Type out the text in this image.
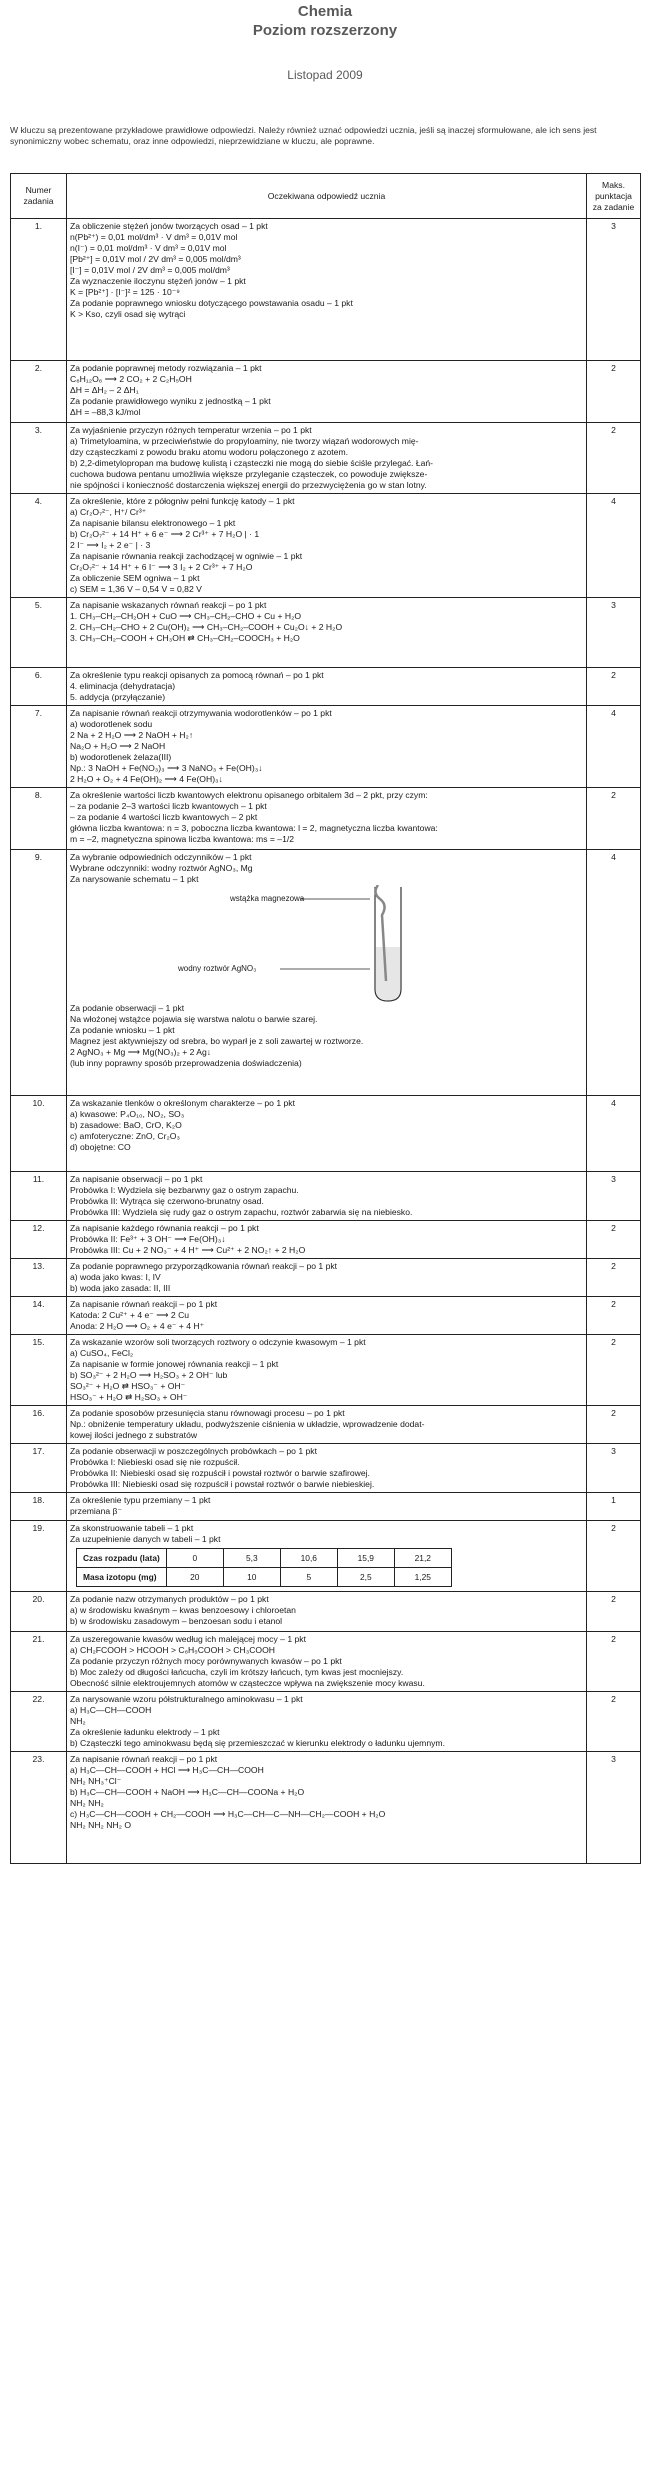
Chemia
Poziom rozszerzony
Listopad 2009
W kluczu są prezentowane przykładowe prawidłowe odpowiedzi. Należy również uznać odpowiedzi ucznia, jeśli są inaczej sformułowane, ale ich sens jest synonimiczny wobec schematu, oraz inne odpowiedzi, nieprzewidziane w kluczu, ale poprawne.
Numer zadania	Oczekiwana odpowiedź ucznia	Maks. punktacja za zadanie
1.	Za obliczenie stężeń jonów tworzących osad – 1 pkt
n(Pb²⁺) = 0,01 mol/dm³ · V dm³ = 0,01V mol
n(I⁻) = 0,01 mol/dm³ · V dm³ = 0,01V mol
[Pb²⁺] = 0,01V mol / 2V dm³ = 0,005 mol/dm³
[I⁻] = 0,01V mol / 2V dm³ = 0,005 mol/dm³
Za wyznaczenie iloczynu stężeń jonów – 1 pkt
K = [Pb²⁺] · [I⁻]² = 125 · 10⁻⁹
Za podanie poprawnego wniosku dotyczącego powstawania osadu – 1 pkt
K > Kso, czyli osad się wytrąci
	3
2.	Za podanie poprawnej metody rozwiązania – 1 pkt
C₆H₁₂O₆ ⟶ 2 CO₂ + 2 C₂H₅OH
ΔH = ΔH₂ – 2 ΔH₁
Za podanie prawidłowego wyniku z jednostką – 1 pkt
ΔH = –88,3 kJ/mol
	2
3.	Za wyjaśnienie przyczyn różnych temperatur wrzenia – po 1 pkt
a) Trimetyloamina, w przeciwieństwie do propyloaminy, nie tworzy wiązań wodorowych mię-
dzy cząsteczkami z powodu braku atomu wodoru połączonego z azotem.
b) 2,2-dimetylopropan ma budowę kulistą i cząsteczki nie mogą do siebie ściśle przylegać. Łań-
cuchowa budowa pentanu umożliwia większe przyleganie cząsteczek, co powoduje zwiększe-
nie spójności i konieczność dostarczenia większej energii do przezwyciężenia go w stan lotny.
	2
4.	Za określenie, które z półogniw pełni funkcję katody – 1 pkt
a) Cr₂O₇²⁻, H⁺/ Cr³⁺
Za napisanie bilansu elektronowego – 1 pkt
b) Cr₂O₇²⁻ + 14 H⁺ + 6 e⁻ ⟶ 2 Cr³⁺ + 7 H₂O | · 1
2 I⁻ ⟶ I₂ + 2 e⁻ | · 3
Za napisanie równania reakcji zachodzącej w ogniwie – 1 pkt
Cr₂O₇²⁻ + 14 H⁺ + 6 I⁻ ⟶ 3 I₂ + 2 Cr³⁺ + 7 H₂O
Za obliczenie SEM ogniwa – 1 pkt
c) SEM = 1,36 V – 0,54 V = 0,82 V
	4
5.	Za napisanie wskazanych równań reakcji – po 1 pkt
1. CH₃–CH₂–CH₂OH + CuO ⟶ CH₃–CH₂–CHO + Cu + H₂O
2. CH₃–CH₂–CHO + 2 Cu(OH)₂ ⟶ CH₃–CH₂–COOH + Cu₂O↓ + 2 H₂O
3. CH₃–CH₂–COOH + CH₃OH ⇄ CH₃–CH₂–COOCH₃ + H₂O
	3
6.	Za określenie typu reakcji opisanych za pomocą równań – po 1 pkt
4. eliminacja (dehydratacja)
5. addycja (przyłączanie)
	2
7.	Za napisanie równań reakcji otrzymywania wodorotlenków – po 1 pkt
a) wodorotlenek sodu
2 Na + 2 H₂O ⟶ 2 NaOH + H₂↑
Na₂O + H₂O ⟶ 2 NaOH
b) wodorotlenek żelaza(III)
Np.: 3 NaOH + Fe(NO₃)₃ ⟶ 3 NaNO₃ + Fe(OH)₃↓
2 H₂O + O₂ + 4 Fe(OH)₂ ⟶ 4 Fe(OH)₃↓
	4
8.	Za określenie wartości liczb kwantowych elektronu opisanego orbitalem 3d – 2 pkt, przy czym:
– za podanie 2–3 wartości liczb kwantowych – 1 pkt
– za podanie 4 wartości liczb kwantowych – 2 pkt
główna liczba kwantowa: n = 3, poboczna liczba kwantowa: l = 2, magnetyczna liczba kwantowa:
m = –2, magnetyczna spinowa liczba kwantowa: ms = –1/2
	2
9.	Za wybranie odpowiednich odczynników – 1 pkt
Wybrane odczynniki: wodny roztwór AgNO₃, Mg
Za narysowanie schematu – 1 pkt
wstążka magnezowa
wodny roztwór AgNO₃
Za podanie obserwacji – 1 pkt
Na włożonej wstążce pojawia się warstwa nalotu o barwie szarej.
Za podanie wniosku – 1 pkt
Magnez jest aktywniejszy od srebra, bo wyparł je z soli zawartej w roztworze.
2 AgNO₃ + Mg ⟶ Mg(NO₃)₂ + 2 Ag↓
(lub inny poprawny sposób przeprowadzenia doświadczenia)
	4
10.	Za wskazanie tlenków o określonym charakterze – po 1 pkt
a) kwasowe: P₄O₁₀, NO₂, SO₃
b) zasadowe: BaO, CrO, K₂O
c) amfoteryczne: ZnO, Cr₂O₃
d) obojętne: CO
	4
11.	Za napisanie obserwacji – po 1 pkt
Probówka I: Wydziela się bezbarwny gaz o ostrym zapachu.
Probówka II: Wytrąca się czerwono-brunatny osad.
Probówka III: Wydziela się rudy gaz o ostrym zapachu, roztwór zabarwia się na niebiesko.
	3
12.	Za napisanie każdego równania reakcji – po 1 pkt
Probówka II: Fe³⁺ + 3 OH⁻ ⟶ Fe(OH)₃↓
Probówka III: Cu + 2 NO₃⁻ + 4 H⁺ ⟶ Cu²⁺ + 2 NO₂↑ + 2 H₂O
	2
13.	Za podanie poprawnego przyporządkowania równań reakcji – po 1 pkt
a) woda jako kwas: I, IV
b) woda jako zasada: II, III
	2
14.	Za napisanie równań reakcji – po 1 pkt
Katoda: 2 Cu²⁺ + 4 e⁻ ⟶ 2 Cu
Anoda: 2 H₂O ⟶ O₂ + 4 e⁻ + 4 H⁺
	2
15.	Za wskazanie wzorów soli tworzących roztwory o odczynie kwasowym – 1 pkt
a) CuSO₄, FeCl₂
Za napisanie w formie jonowej równania reakcji – 1 pkt
b) SO₃²⁻ + 2 H₂O ⟶ H₂SO₃ + 2 OH⁻ lub
SO₃²⁻ + H₂O ⇄ HSO₃⁻ + OH⁻
HSO₃⁻ + H₂O ⇄ H₂SO₃ + OH⁻
	2
16.	Za podanie sposobów przesunięcia stanu równowagi procesu – po 1 pkt
Np.: obniżenie temperatury układu, podwyższenie ciśnienia w układzie, wprowadzenie dodat-
kowej ilości jednego z substratów
	2
17.	Za podanie obserwacji w poszczególnych probówkach – po 1 pkt
Probówka I: Niebieski osad się nie rozpuścił.
Probówka II: Niebieski osad się rozpuścił i powstał roztwór o barwie szafirowej.
Probówka III: Niebieski osad się rozpuścił i powstał roztwór o barwie niebieskiej.
	3
18.	Za określenie typu przemiany – 1 pkt
przemiana β⁻
	1
19.	Za skonstruowanie tabeli – 1 pkt
Za uzupełnienie danych w tabeli – 1 pkt
Czas rozpadu (lata)	0	5,3	10,6	15,9	21,2
Masa izotopu (mg)	20	10	5	2,5	1,25
	2
20.	Za podanie nazw otrzymanych produktów – po 1 pkt
a) w środowisku kwaśnym – kwas benzoesowy i chloroetan
b) w środowisku zasadowym – benzoesan sodu i etanol
	2
21.	Za uszeregowanie kwasów według ich malejącej mocy – 1 pkt
a) CH₂FCOOH > HCOOH > C₆H₅COOH > CH₃COOH
Za podanie przyczyn różnych mocy porównywanych kwasów – po 1 pkt
b) Moc zależy od długości łańcucha, czyli im krótszy łańcuch, tym kwas jest mocniejszy.
Obecność silnie elektroujemnych atomów w cząsteczce wpływa na zwiększenie mocy kwasu.
	2
22.	Za narysowanie wzoru półstrukturalnego aminokwasu – 1 pkt
a) H₃C—CH—COOH
NH₂
Za określenie ładunku elektrody – 1 pkt
b) Cząsteczki tego aminokwasu będą się przemieszczać w kierunku elektrody o ładunku ujemnym.
	2
23.	Za napisanie równań reakcji – po 1 pkt
a) H₃C—CH—COOH + HCl ⟶ H₃C—CH—COOH
NH₂ NH₃⁺Cl⁻
b) H₃C—CH—COOH + NaOH ⟶ H₃C—CH—COONa + H₂O
NH₂ NH₂
c) H₃C—CH—COOH + CH₂—COOH ⟶ H₃C—CH—C—NH—CH₂—COOH + H₂O
NH₂ NH₂ NH₂ O
	3
